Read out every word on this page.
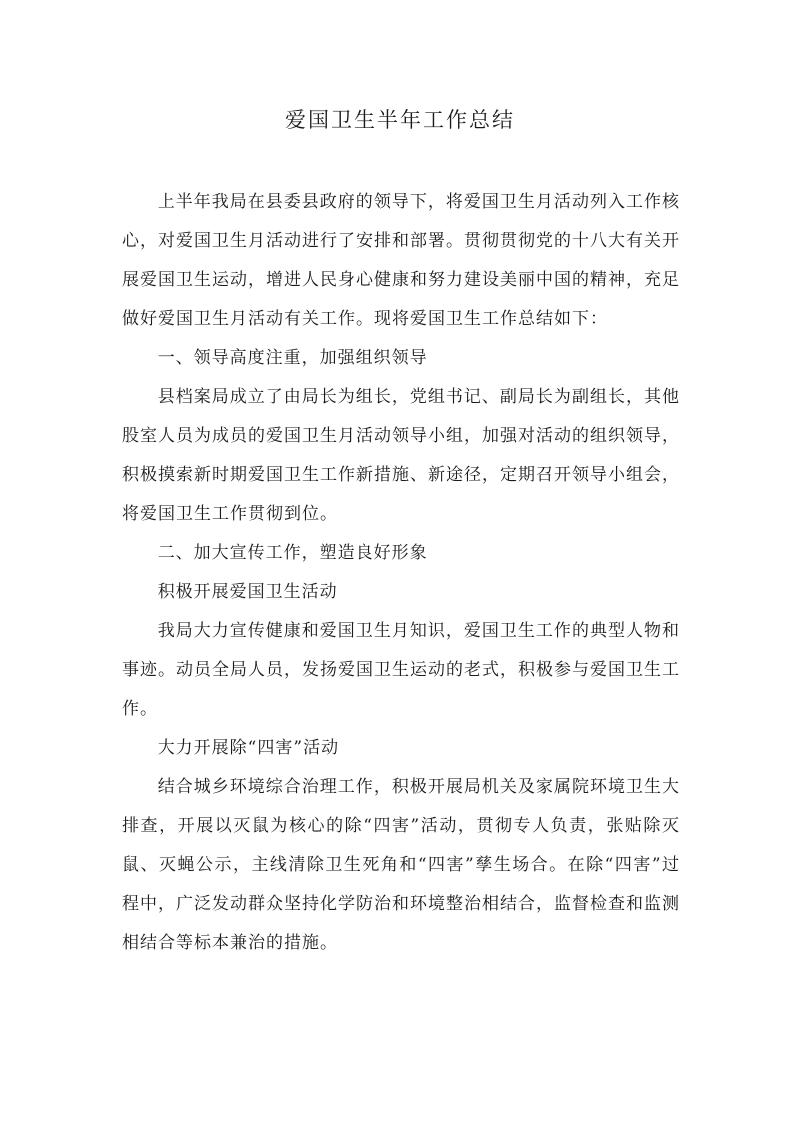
爱国卫生半年工作总结

上半年我局在县委县政府的领导下，将爱国卫生月活动列入工作核心，对爱国卫生月活动进行了安排和部署。贯彻贯彻党的十八大有关开展爱国卫生运动，增进人民身心健康和努力建设美丽中国的精神，充足做好爱国卫生月活动有关工作。现将爱国卫生工作总结如下：

一、领导高度注重，加强组织领导

县档案局成立了由局长为组长，党组书记、副局长为副组长，其他股室人员为成员的爱国卫生月活动领导小组，加强对活动的组织领导，积极摸索新时期爱国卫生工作新措施、新途径，定期召开领导小组会，将爱国卫生工作贯彻到位。

二、加大宣传工作，塑造良好形象

积极开展爱国卫生活动

我局大力宣传健康和爱国卫生月知识，爱国卫生工作的典型人物和事迹。动员全局人员，发扬爱国卫生运动的老式，积极参与爱国卫生工作。

大力开展除“四害”活动

结合城乡环境综合治理工作，积极开展局机关及家属院环境卫生大排查，开展以灭鼠为核心的除“四害”活动，贯彻专人负责，张贴除灭鼠、灭蝇公示，主线清除卫生死角和“四害”孳生场合。在除“四害”过程中，广泛发动群众坚持化学防治和环境整治相结合，监督检查和监测相结合等标本兼治的措施。
